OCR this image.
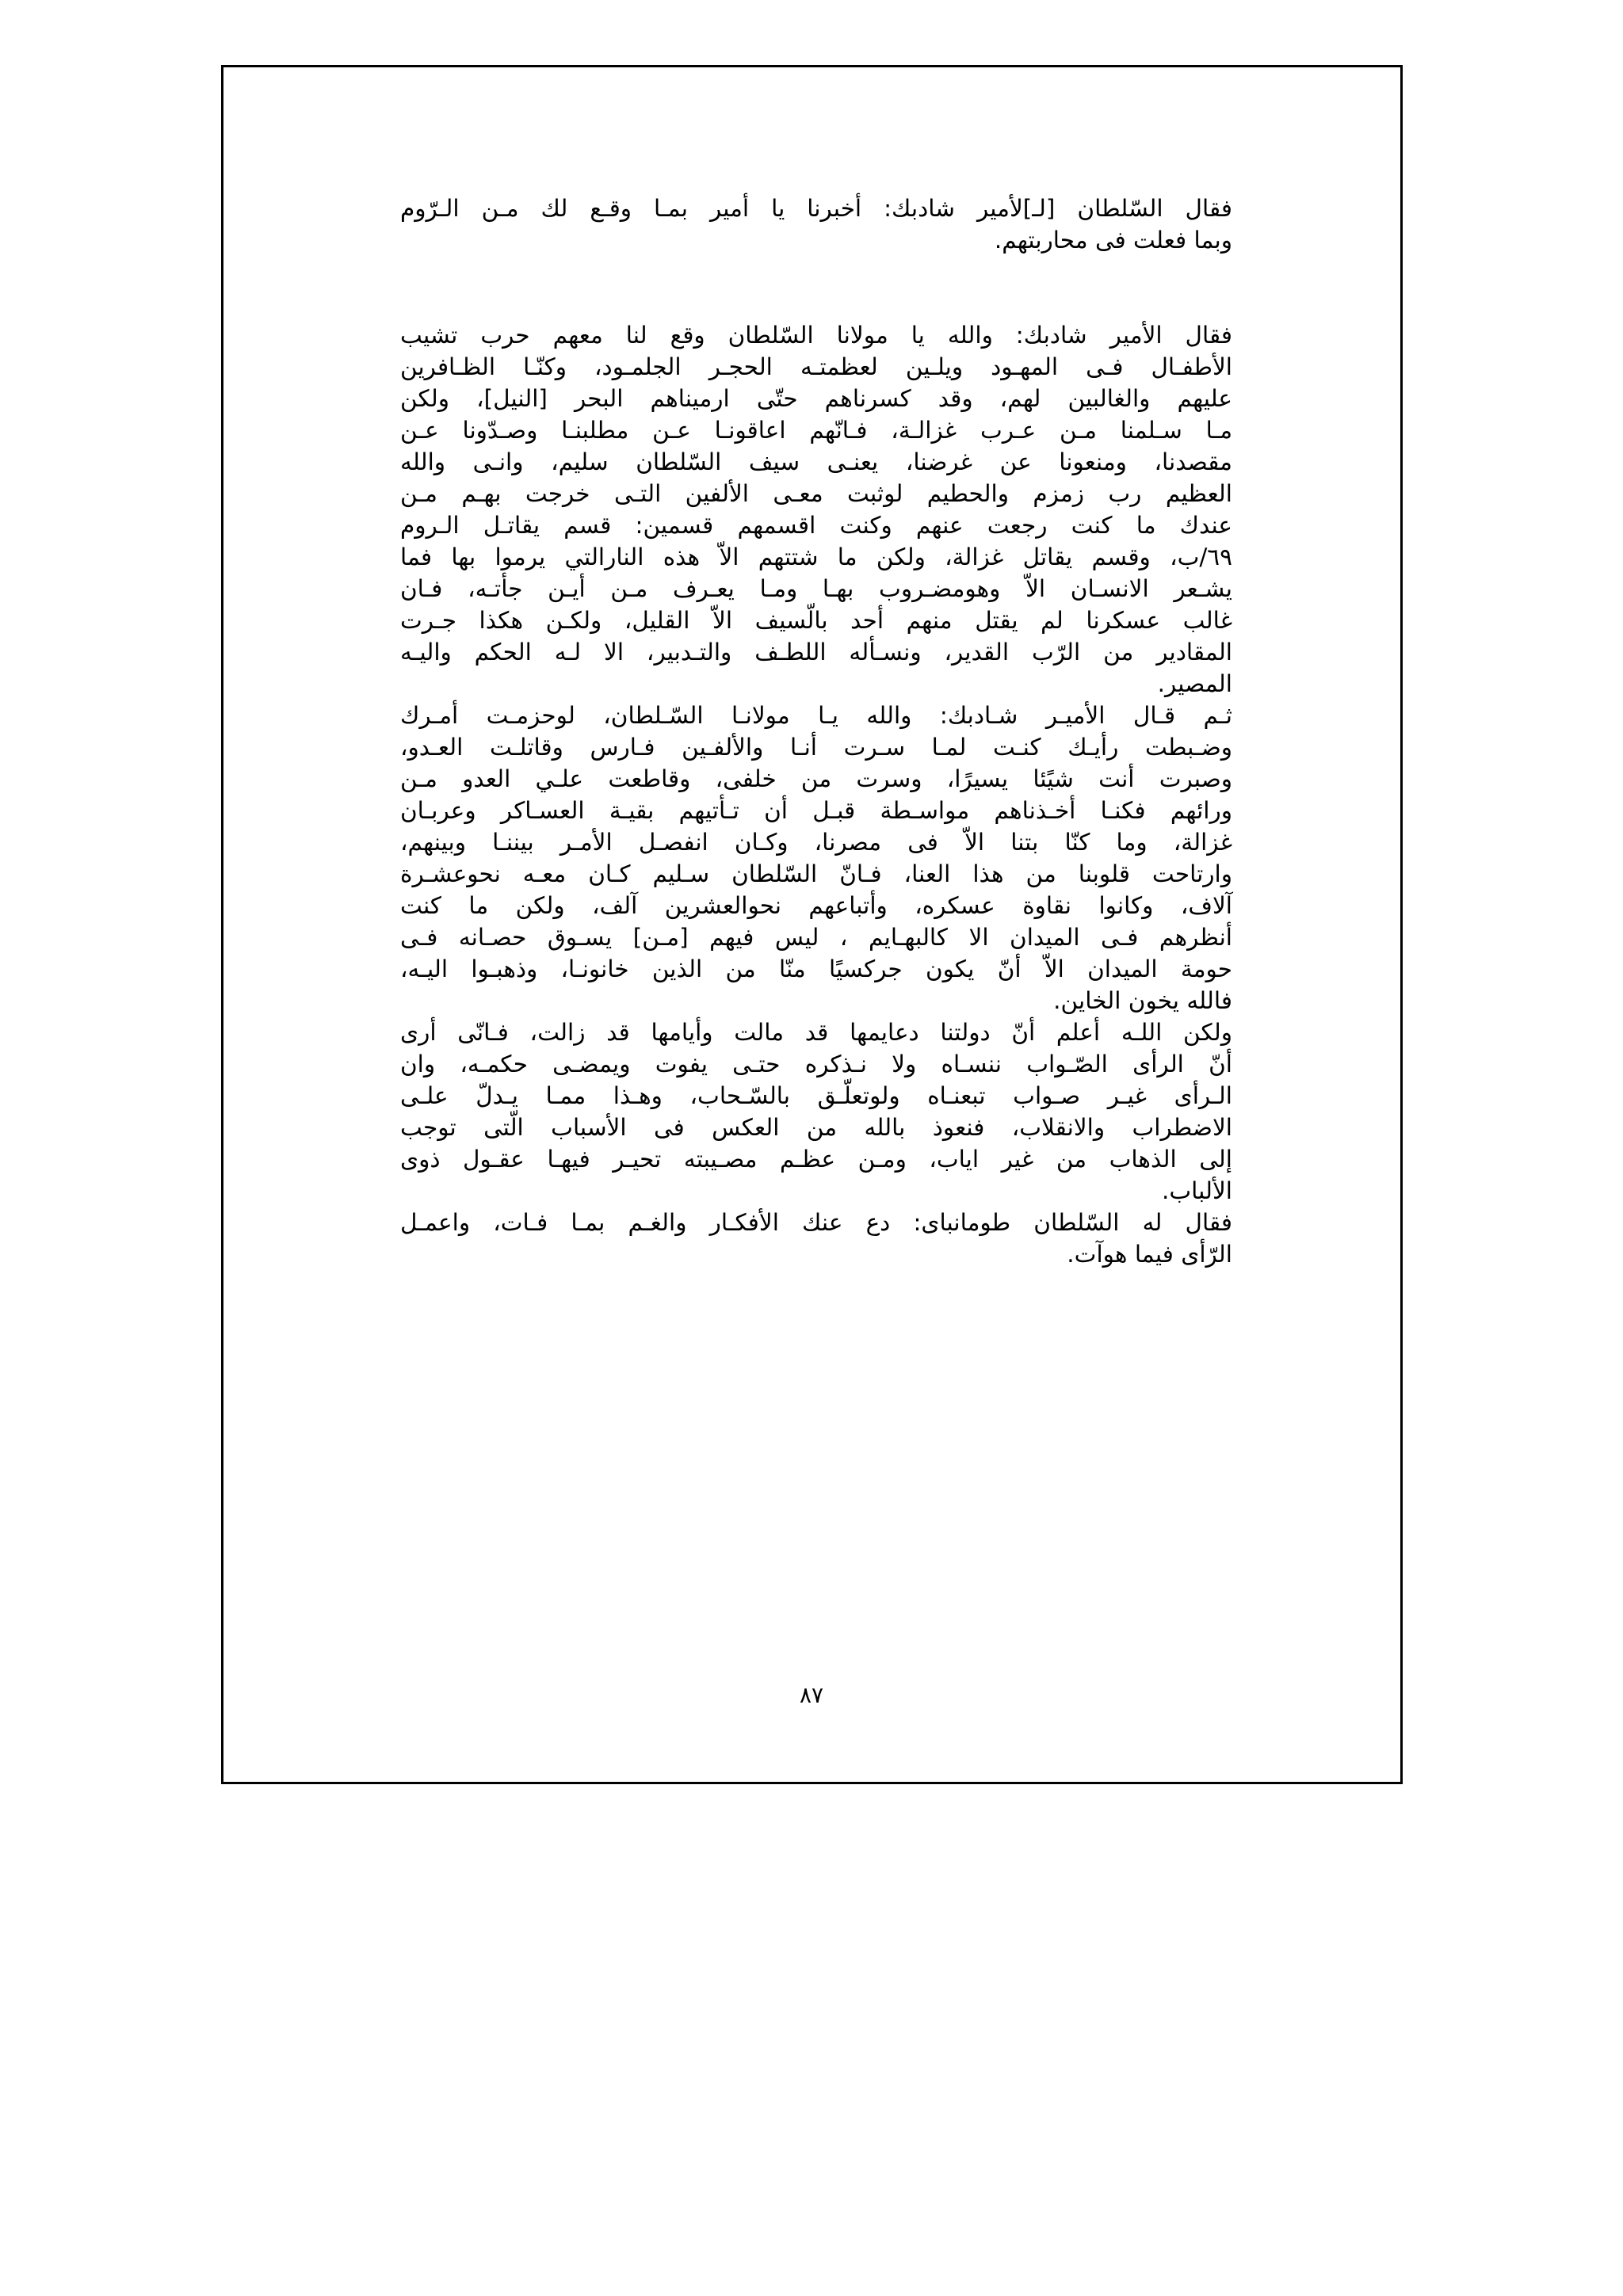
فقال السّلطان [لـ]لأمير شادبك: أخبرنا يا أمير بمـا وقـع لك مـن الـرّوم
وبما فعلت فى محاربتهم.
فقال الأمير شادبك: والله يا مولانا السّلطان وقع لنا معهم حرب تشيب
الأطفـال فـى المهـود ويلـين لعظمتـه الحجـر الجلمـود، وكنّـا الظـافرين
عليهم والغالبين لهم، وقد كسرناهم حتّى ارميناهم البحر [النيل]، ولكن
مـا سـلمنا مـن عـرب غزالـة، فـانّهم اعاقونـا عـن مطلبنـا وصـدّونا عـن
مقصدنا، ومنعونا عن غرضنا، يعنـى سيف السّلطان سليم، وانـى والله
العظيم رب زمزم والحطيم لوثبت معـى الألفين التـى خرجت بهـم مـن
عندك ما كنت رجعت عنهم وكنت اقسمهم قسمين: قسم يقاتـل الـروم
٦٩/ب، وقسم يقاتل غزالة، ولكن ما شتتهم الاّ هذه النارالتي يرموا بها فما
يشـعر الانسـان الاّ وهومضـروب بهـا ومـا يعـرف مـن أيـن جأتـه، فـان
غالب عسكرنا لم يقتل منهم أحد بالّسيف الاّ القليل، ولكـن هكذا جـرت
المقادير من الرّب القدير، ونسـأله اللطـف والتـدبير، الا لـه الحكم واليـه
المصير.
ثـم قـال الأميـر شـادبك: والله يـا مولانـا السّـلطان، لوحزمـت أمـرك
وضـبطت رأيـك كنـت لمـا سـرت أنـا والألفـين فـارس وقاتلـت العـدو،
وصبرت أنت شيًئا يسيرًا، وسرت من خلفى، وقاطعت علـي العدو مـن
ورائهم فكنـا أخـذناهم مواسـطة قبـل أن تـأتيهم بقيـة العسـاكر وعربـان
غزالة، وما كنّا بتنا الاّ فى مصرنا، وكـان انفصـل الأمـر بيننـا وبينهم،
وارتاحت قلوبنا من هذا العنا، فـانّ السّلطان سـليم كـان معـه نحوعشـرة
آلاف، وكانوا نقاوة عسكره، وأتباعهم نحوالعشرين آلف، ولكن ما كنت
أنظرهم فـى الميدان الا كالبهـايم ، ليس فيهم [مـن] يسـوق حصـانه فـى
حومة الميدان الاّ أنّ يكون جركسيًا منّا من الذين خانونـا، وذهبـوا اليـه،
فالله يخون الخاين.
ولكن اللـه أعلم أنّ دولتنا دعايمها قد مالت وأيامها قد زالت، فـانّى أرى
أنّ الرأى الصّـواب ننسـاه ولا نـذكره حتـى يفوت ويمضـى حكمـه، وان
الـرأى غيـر صـواب تبعنـاه ولوتعلّـق بالسّـحاب، وهـذا ممـا يـدلّ علـى
الاضطراب والانقلاب، فنعوذ بالله من العكس فى الأسباب الّتى توجب
إلى الذهاب من غير اياب، ومـن عظـم مصـيبته تحيـر فيهـا عقـول ذوى
الألباب.
فقال له السّلطان طومانباى: دع عنك الأفكـار والغـم بمـا فـات، واعمـل
الرّأى فيما هوآت.
٨٧
